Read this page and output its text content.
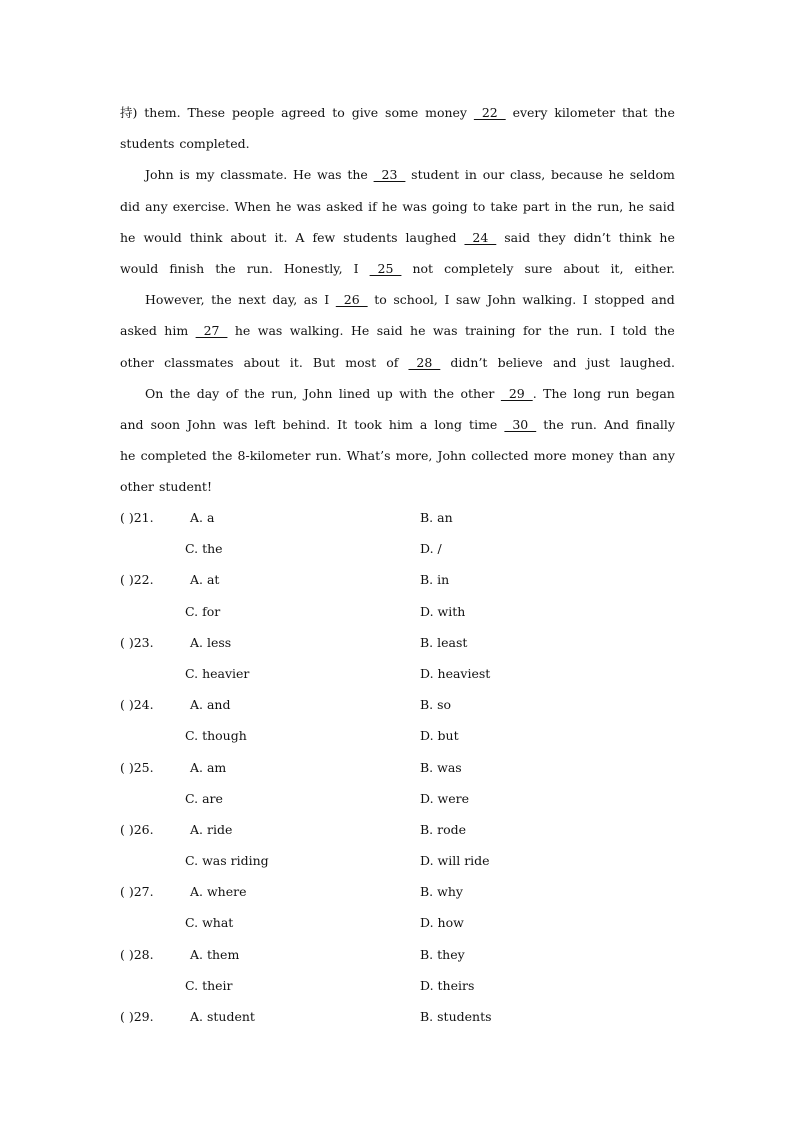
持) them. These people agreed to give some money 22 every kilometer that the
students completed.
John is my classmate. He was the 23 student in our class, because he seldom
did any exercise. When he was asked if he was going to take part in the run, he said
he would think about it. A few students laughed 24 said they didn’t think he
would finish the run. Honestly, I 25 not completely sure about it, either.
However, the next day, as I 26 to school, I saw John walking. I stopped and
asked him 27 he was walking. He said he was training for the run. I told the
other classmates about it. But most of 28 didn’t believe and just laughed.
On the day of the run, John lined up with the other 29  . The long run began
and soon John was left behind. It took him a long time 30 the run. And finally
he completed the 8-kilometer run. What’s more, John collected more money than any
other student!
( )21.	A. a	B. an
C. the	D. /
( )22.	A. at	B. in
C. for	D. with
( )23.	A. less	B. least
C. heavier	D. heaviest
( )24.	A. and	B. so
C. though	D. but
( )25.	A. am	B. was
C. are	D. were
( )26.	A. ride	B. rode
C. was riding	D. will ride
( )27.	A. where	B. why
C. what	D. how
( )28.	A. them	B. they
C. their	D. theirs
( )29.	A. student	B. students
